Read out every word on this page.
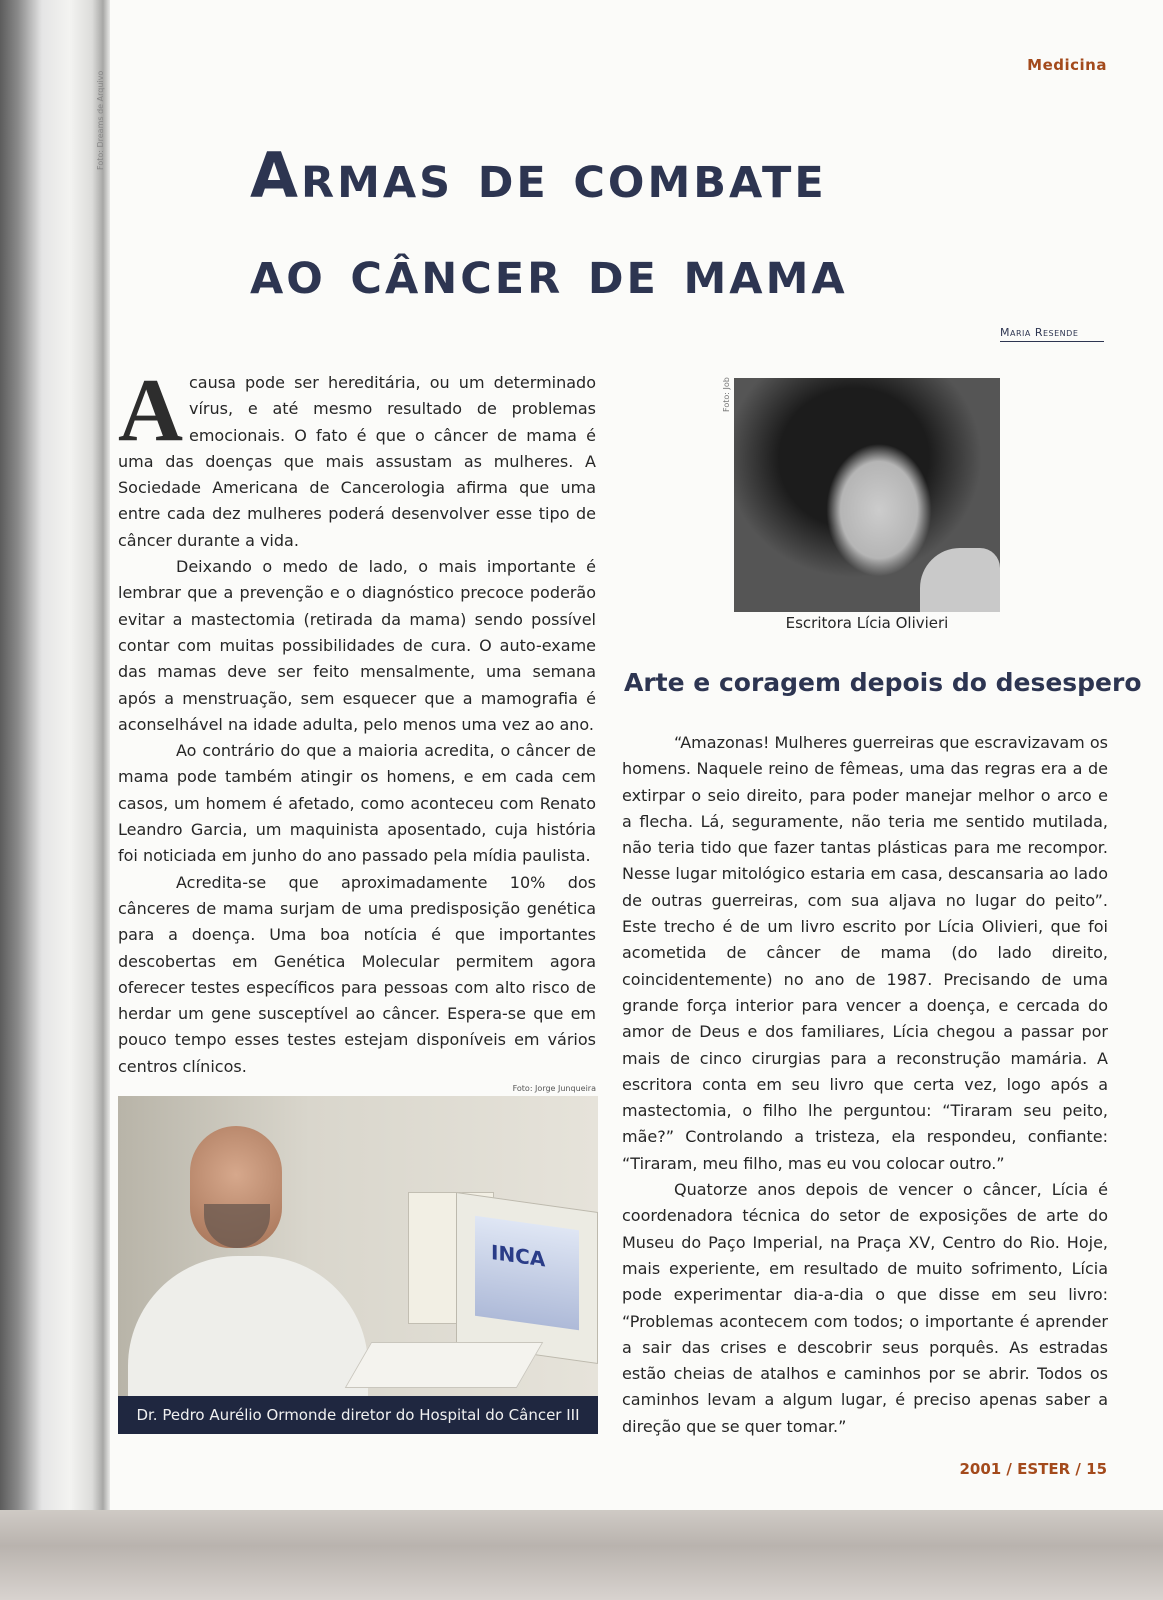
Foto: Dreams de Arquivo
Medicina
Armas de combate
ao câncer de mama
Maria Resende

A causa pode ser hereditária, ou um determinado vírus, e até mesmo resultado de problemas emocionais. O fato é que o câncer de mama é uma das doenças que mais assustam as mulheres. A Sociedade Americana de Cancerologia afirma que uma entre cada dez mulheres poderá desenvolver esse tipo de câncer durante a vida.

Deixando o medo de lado, o mais importante é lembrar que a prevenção e o diagnóstico precoce poderão evitar a mastectomia (retirada da mama) sendo possível contar com muitas possibilidades de cura. O auto-exame das mamas deve ser feito mensalmente, uma semana após a menstruação, sem esquecer que a mamografia é aconselhável na idade adulta, pelo menos uma vez ao ano.

Ao contrário do que a maioria acredita, o câncer de mama pode também atingir os homens, e em cada cem casos, um homem é afetado, como aconteceu com Renato Leandro Garcia, um maquinista aposentado, cuja história foi noticiada em junho do ano passado pela mídia paulista.

Acredita-se que aproximadamente 10% dos cânceres de mama surjam de uma predisposição genética para a doença. Uma boa notícia é que importantes descobertas em Genética Molecular permitem agora oferecer testes específicos para pessoas com alto risco de herdar um gene susceptível ao câncer. Espera-se que em pouco tempo esses testes estejam disponíveis em vários centros clínicos.

Foto: Job
Escritora Lícia Olivieri
Arte e coragem depois do desespero

“Amazonas! Mulheres guerreiras que escravizavam os homens. Naquele reino de fêmeas, uma das regras era a de extirpar o seio direito, para poder manejar melhor o arco e a flecha. Lá, seguramente, não teria me sentido mutilada, não teria tido que fazer tantas plásticas para me recompor. Nesse lugar mitológico estaria em casa, descansaria ao lado de outras guerreiras, com sua aljava no lugar do peito”. Este trecho é de um livro escrito por Lícia Olivieri, que foi acometida de câncer de mama (do lado direito, coincidentemente) no ano de 1987. Precisando de uma grande força interior para vencer a doença, e cercada do amor de Deus e dos familiares, Lícia chegou a passar por mais de cinco cirurgias para a reconstrução mamária. A escritora conta em seu livro que certa vez, logo após a mastectomia, o filho lhe perguntou: “Tiraram seu peito, mãe?” Controlando a tristeza, ela respondeu, confiante: “Tiraram, meu filho, mas eu vou colocar outro.”

Quatorze anos depois de vencer o câncer, Lícia é coordenadora técnica do setor de exposições de arte do Museu do Paço Imperial, na Praça XV, Centro do Rio. Hoje, mais experiente, em resultado de muito sofrimento, Lícia pode experimentar dia-a-dia o que disse em seu livro: “Problemas acontecem com todos; o importante é aprender a sair das crises e descobrir seus porquês. As estradas estão cheias de atalhos e caminhos por se abrir. Todos os caminhos levam a algum lugar, é preciso apenas saber a direção que se quer tomar.”

Foto: Jorge Junqueira
INCA
Dr. Pedro Aurélio Ormonde diretor do Hospital do Câncer III
2001 / ESTER / 15
